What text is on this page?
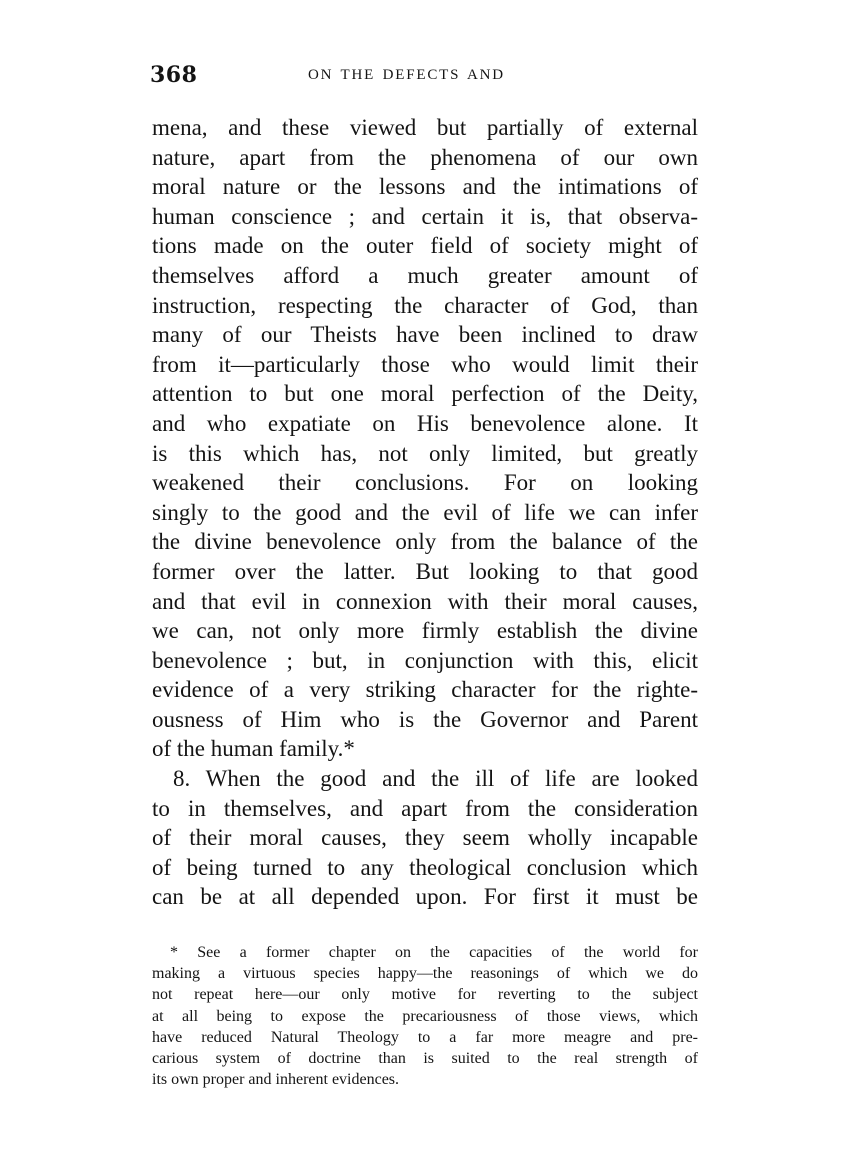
368	ON THE DEFECTS AND
mena, and these viewed but partially of external
nature, apart from the phenomena of our own
moral nature or the lessons and the intimations of
human conscience ; and certain it is, that observa-
tions made on the outer field of society might of
themselves afford a much greater amount of
instruction, respecting the character of God, than
many of our Theists have been inclined to draw
from it—particularly those who would limit their
attention to but one moral perfection of the Deity,
and who expatiate on His benevolence alone. It
is this which has, not only limited, but greatly
weakened their conclusions. For on looking
singly to the good and the evil of life we can infer
the divine benevolence only from the balance of the
former over the latter. But looking to that good
and that evil in connexion with their moral causes,
we can, not only more firmly establish the divine
benevolence ; but, in conjunction with this, elicit
evidence of a very striking character for the righte-
ousness of Him who is the Governor and Parent
of the human family.*
8. When the good and the ill of life are looked
to in themselves, and apart from the consideration
of their moral causes, they seem wholly incapable
of being turned to any theological conclusion which
can be at all depended upon. For first it must be
* See a former chapter on the capacities of the world for
making a virtuous species happy—the reasonings of which we do
not repeat here—our only motive for reverting to the subject
at all being to expose the precariousness of those views, which
have reduced Natural Theology to a far more meagre and pre-
carious system of doctrine than is suited to the real strength of
its own proper and inherent evidences.
